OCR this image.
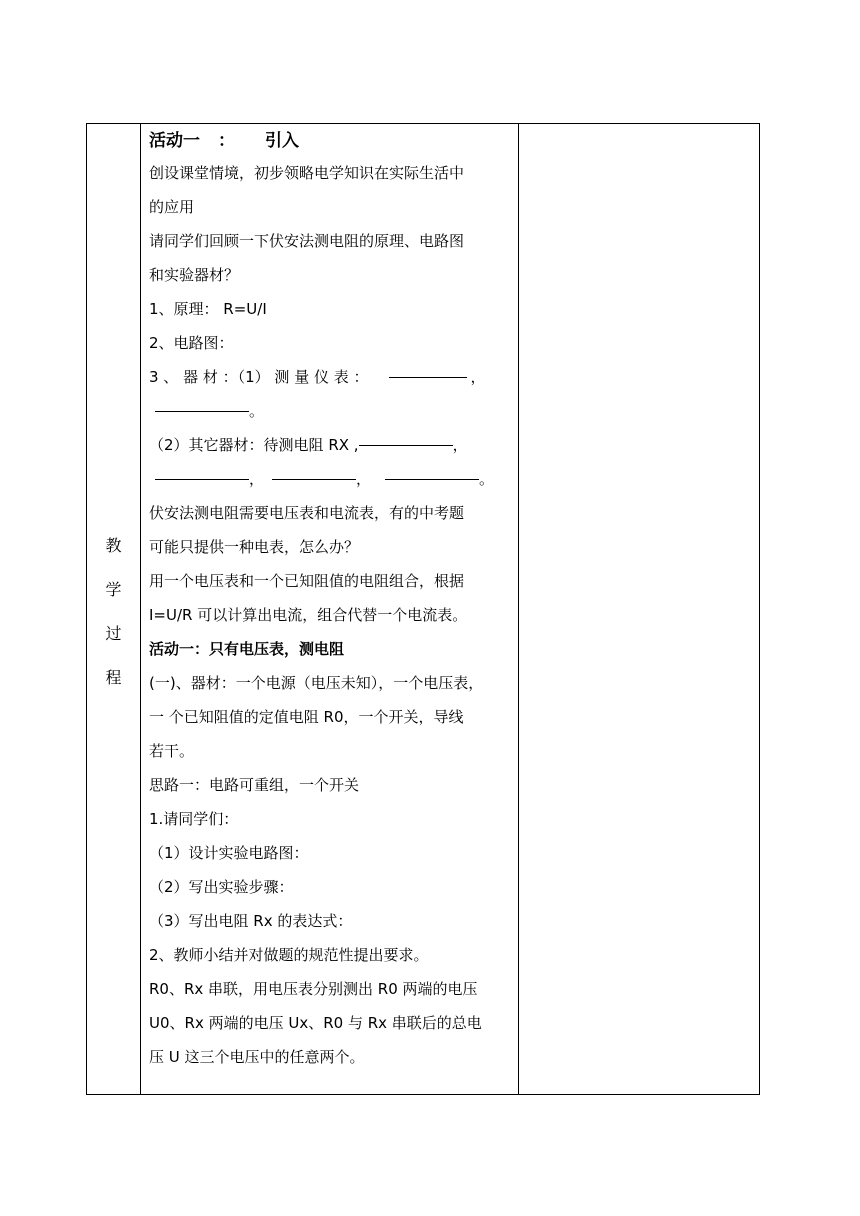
教
学
过
程
活动一 ： 引入
创设课堂情境，初步领略电学知识在实际生活中
的应用
请同学们回顾一下伏安法测电阻的原理、电路图
和实验器材？
1、原理： R=U/I
2、电路图：
3 、 器 材 ：（1） 测 量 仪 表 ：	，
。
（2）其它器材：待测电阻 RX ,	，
，	，	。
伏安法测电阻需要电压表和电流表，有的中考题
可能只提供一种电表，怎么办？
用一个电压表和一个已知阻值的电阻组合，根据
I=U/R 可以计算出电流，组合代替一个电流表。
活动一：只有电压表，测电阻
(一)、器材：一个电源（电压未知），一个电压表，
一 个已知阻值的定值电阻 R0，一个开关，导线
若干。
思路一：电路可重组，一个开关
1.请同学们：
（1）设计实验电路图：
（2）写出实验步骤：
（3）写出电阻 Rx 的表达式：
2、教师小结并对做题的规范性提出要求。
R0、Rx 串联，用电压表分别测出 R0 两端的电压
U0、Rx 两端的电压 Ux、R0 与 Rx 串联后的总电
压 U 这三个电压中的任意两个。
